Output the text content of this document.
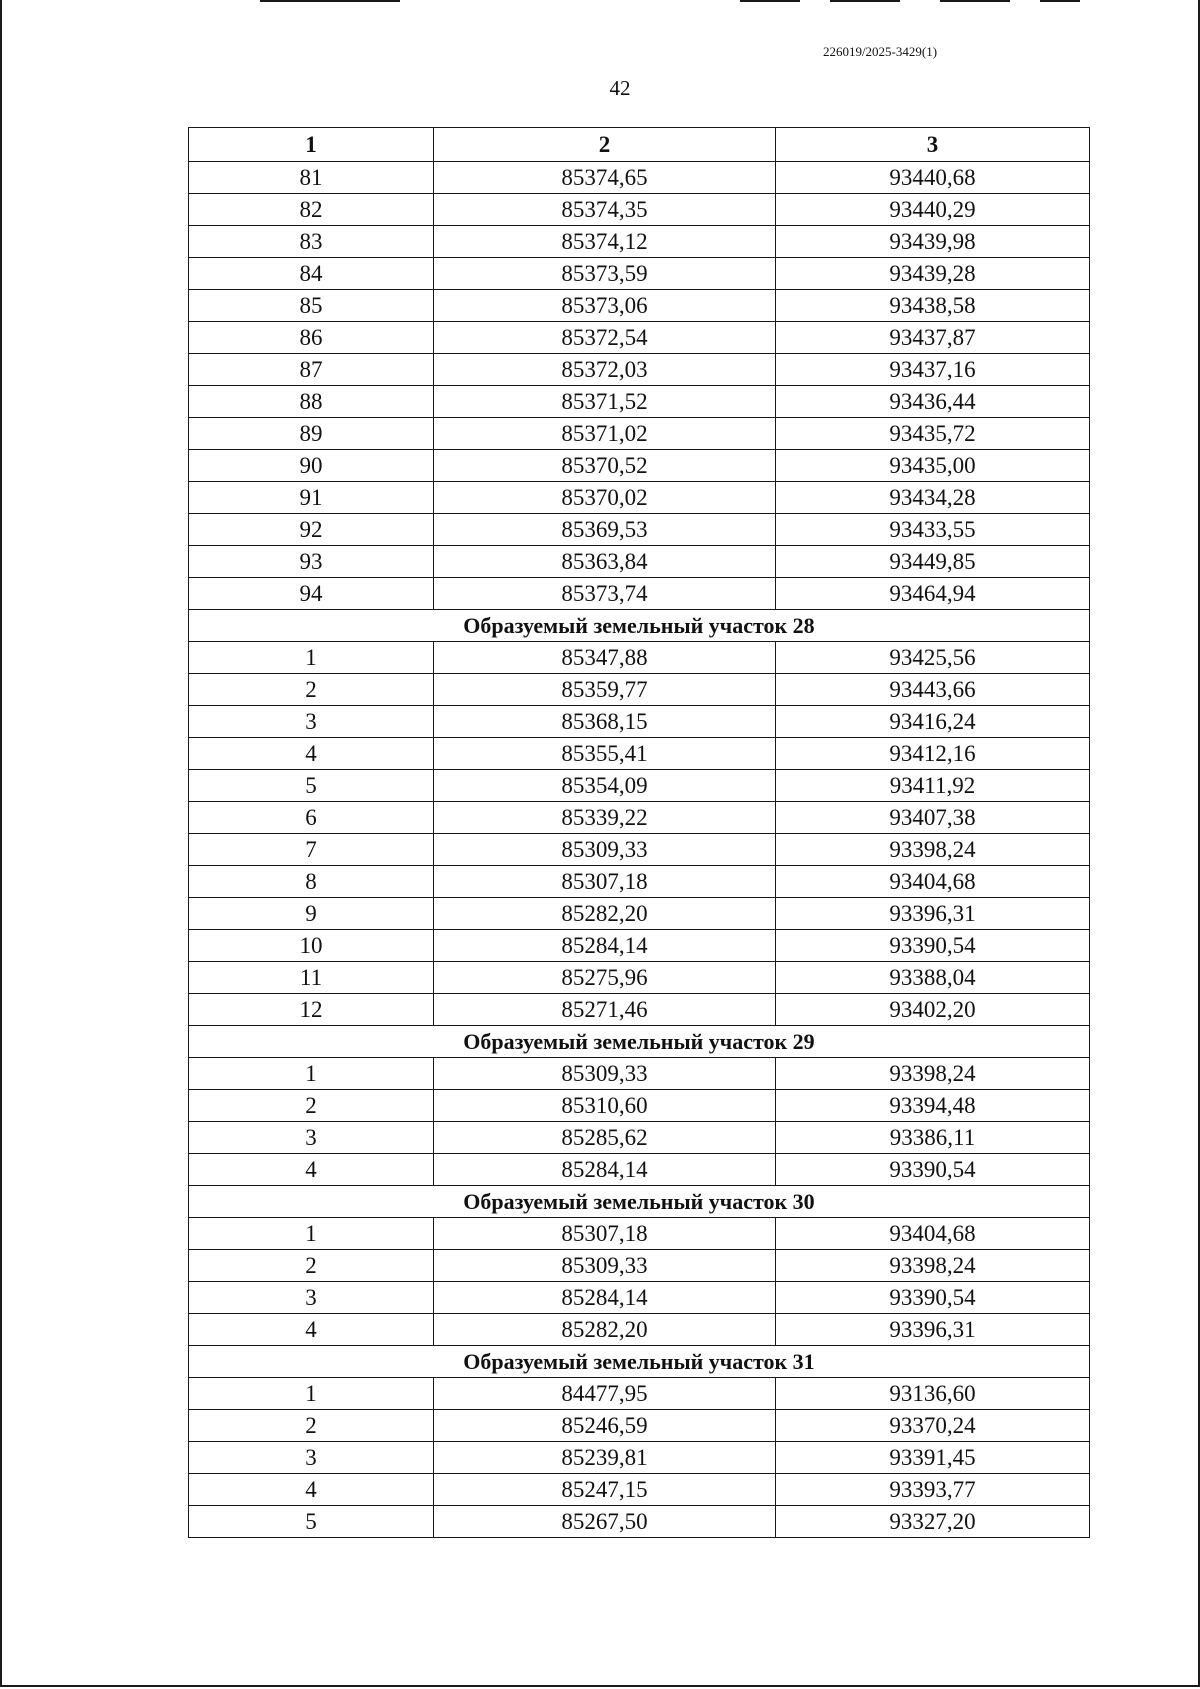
226019/2025-3429(1)
42
1	2	3
81	85374,65	93440,68
82	85374,35	93440,29
83	85374,12	93439,98
84	85373,59	93439,28
85	85373,06	93438,58
86	85372,54	93437,87
87	85372,03	93437,16
88	85371,52	93436,44
89	85371,02	93435,72
90	85370,52	93435,00
91	85370,02	93434,28
92	85369,53	93433,55
93	85363,84	93449,85
94	85373,74	93464,94
Образуемый земельный участок 28		
1	85347,88	93425,56
2	85359,77	93443,66
3	85368,15	93416,24
4	85355,41	93412,16
5	85354,09	93411,92
6	85339,22	93407,38
7	85309,33	93398,24
8	85307,18	93404,68
9	85282,20	93396,31
10	85284,14	93390,54
11	85275,96	93388,04
12	85271,46	93402,20
Образуемый земельный участок 29		
1	85309,33	93398,24
2	85310,60	93394,48
3	85285,62	93386,11
4	85284,14	93390,54
Образуемый земельный участок 30		
1	85307,18	93404,68
2	85309,33	93398,24
3	85284,14	93390,54
4	85282,20	93396,31
Образуемый земельный участок 31		
1	84477,95	93136,60
2	85246,59	93370,24
3	85239,81	93391,45
4	85247,15	93393,77
5	85267,50	93327,20
